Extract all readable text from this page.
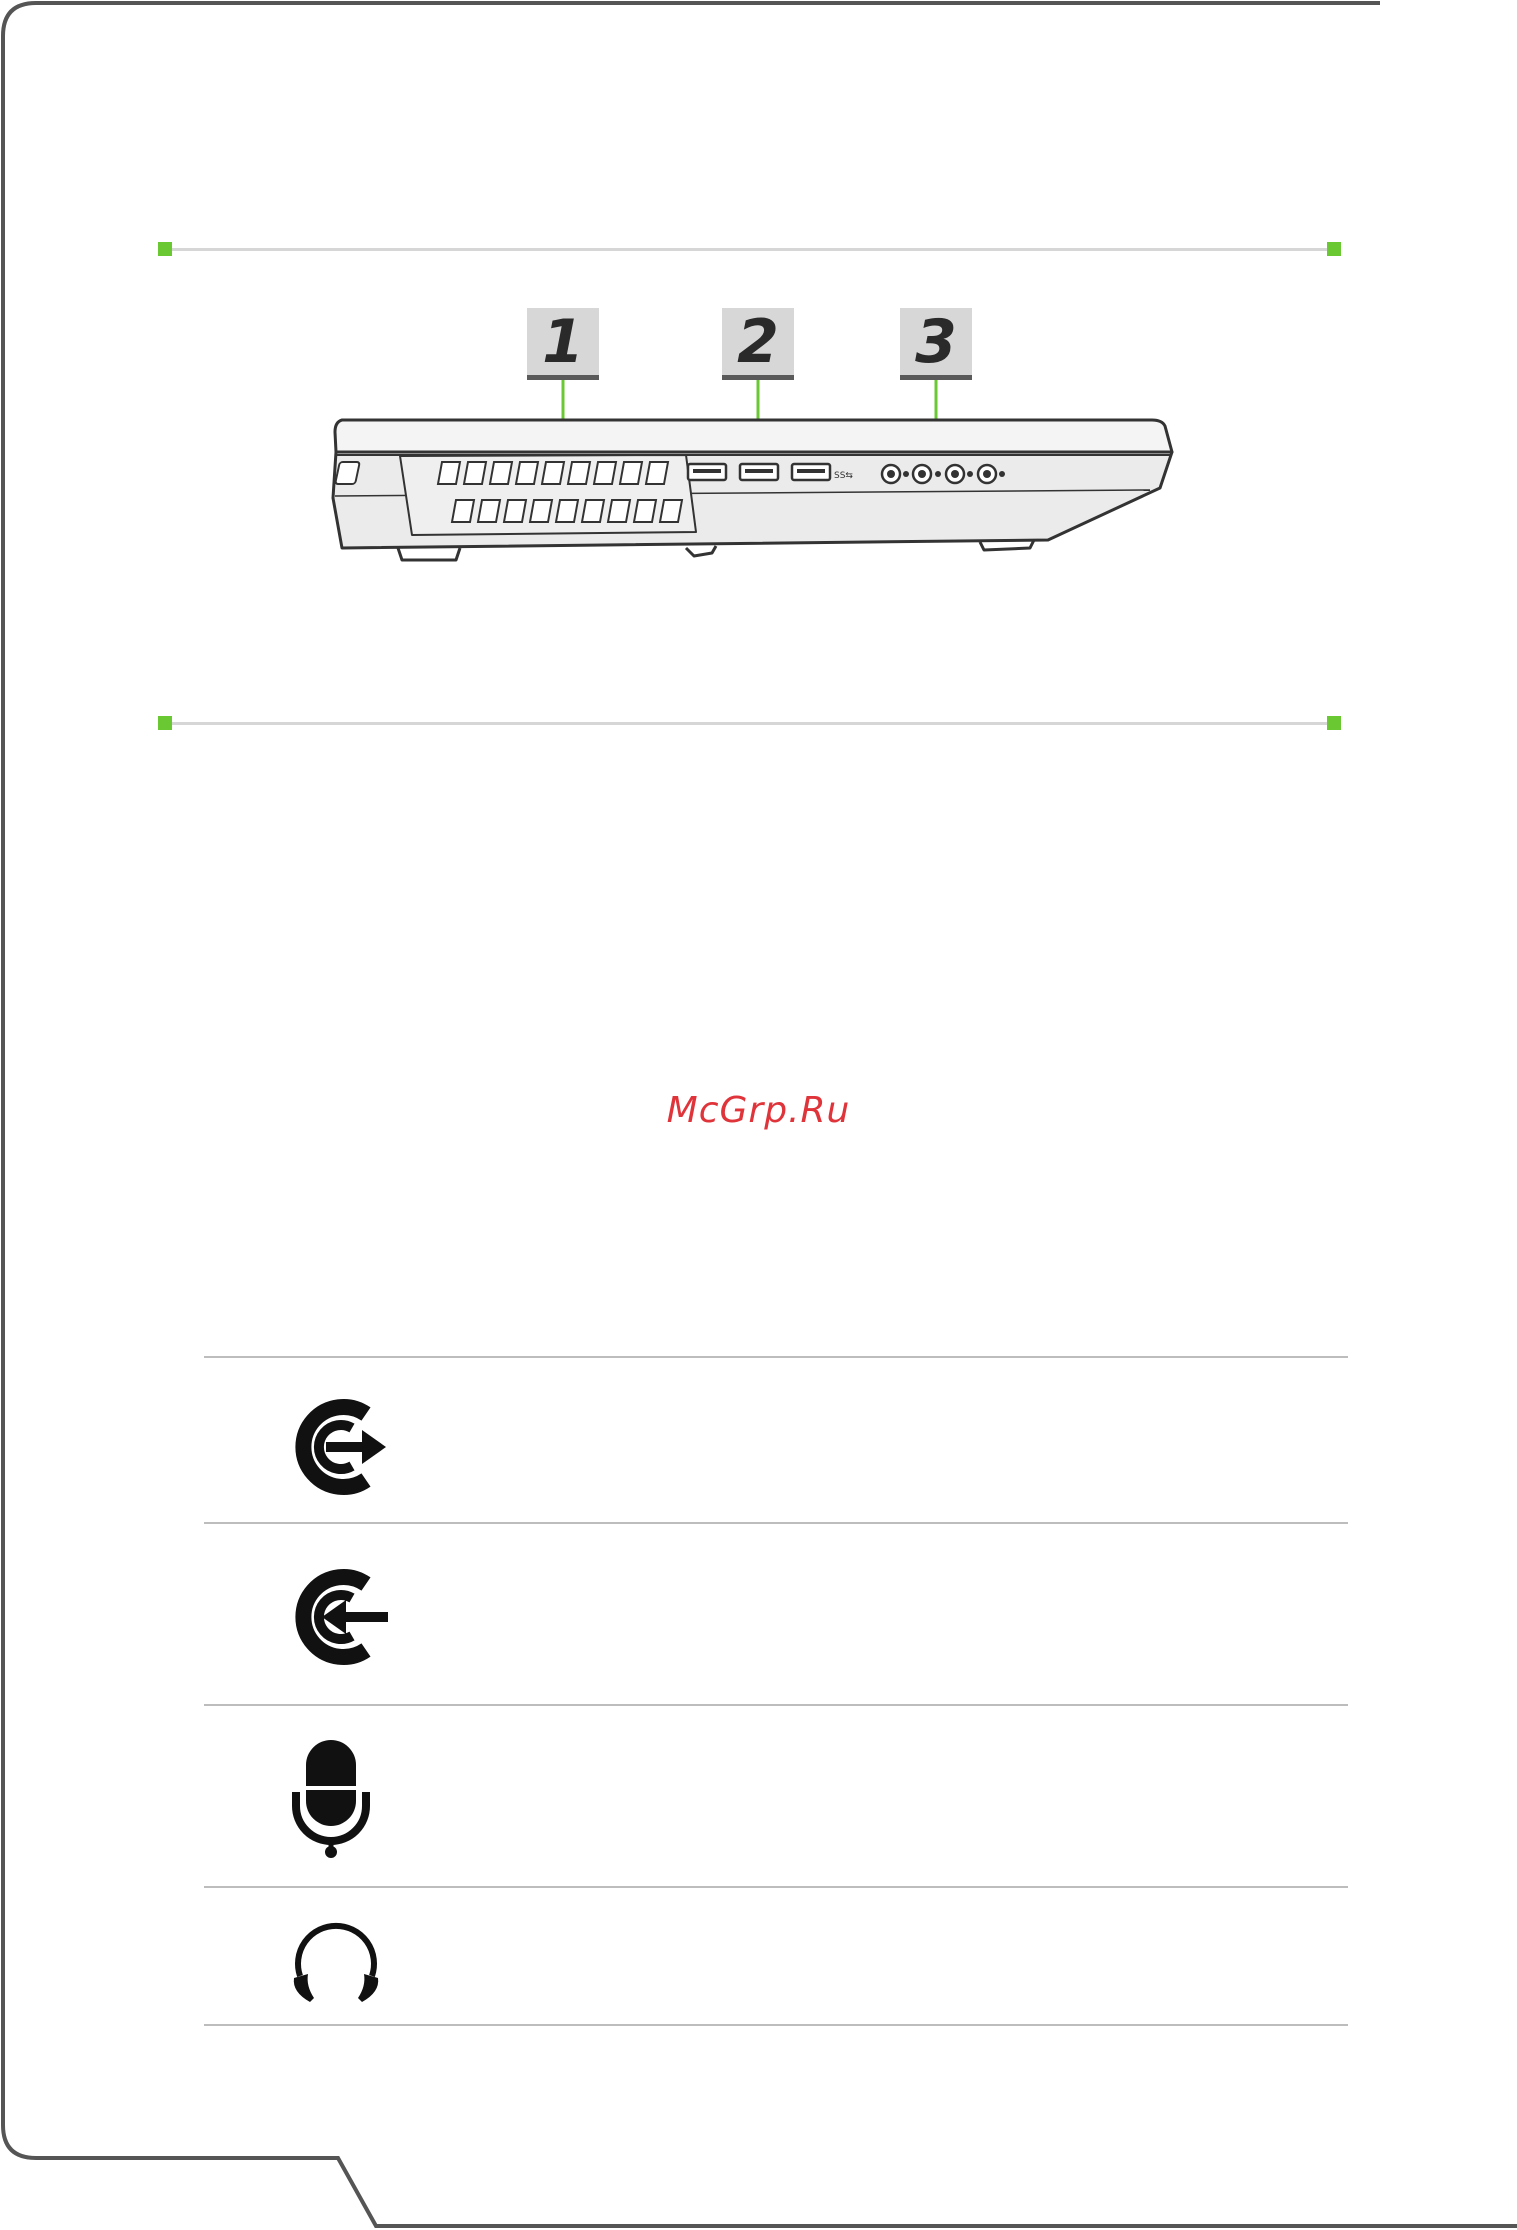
1	2 3
SS⇆
McGrp.Ru
